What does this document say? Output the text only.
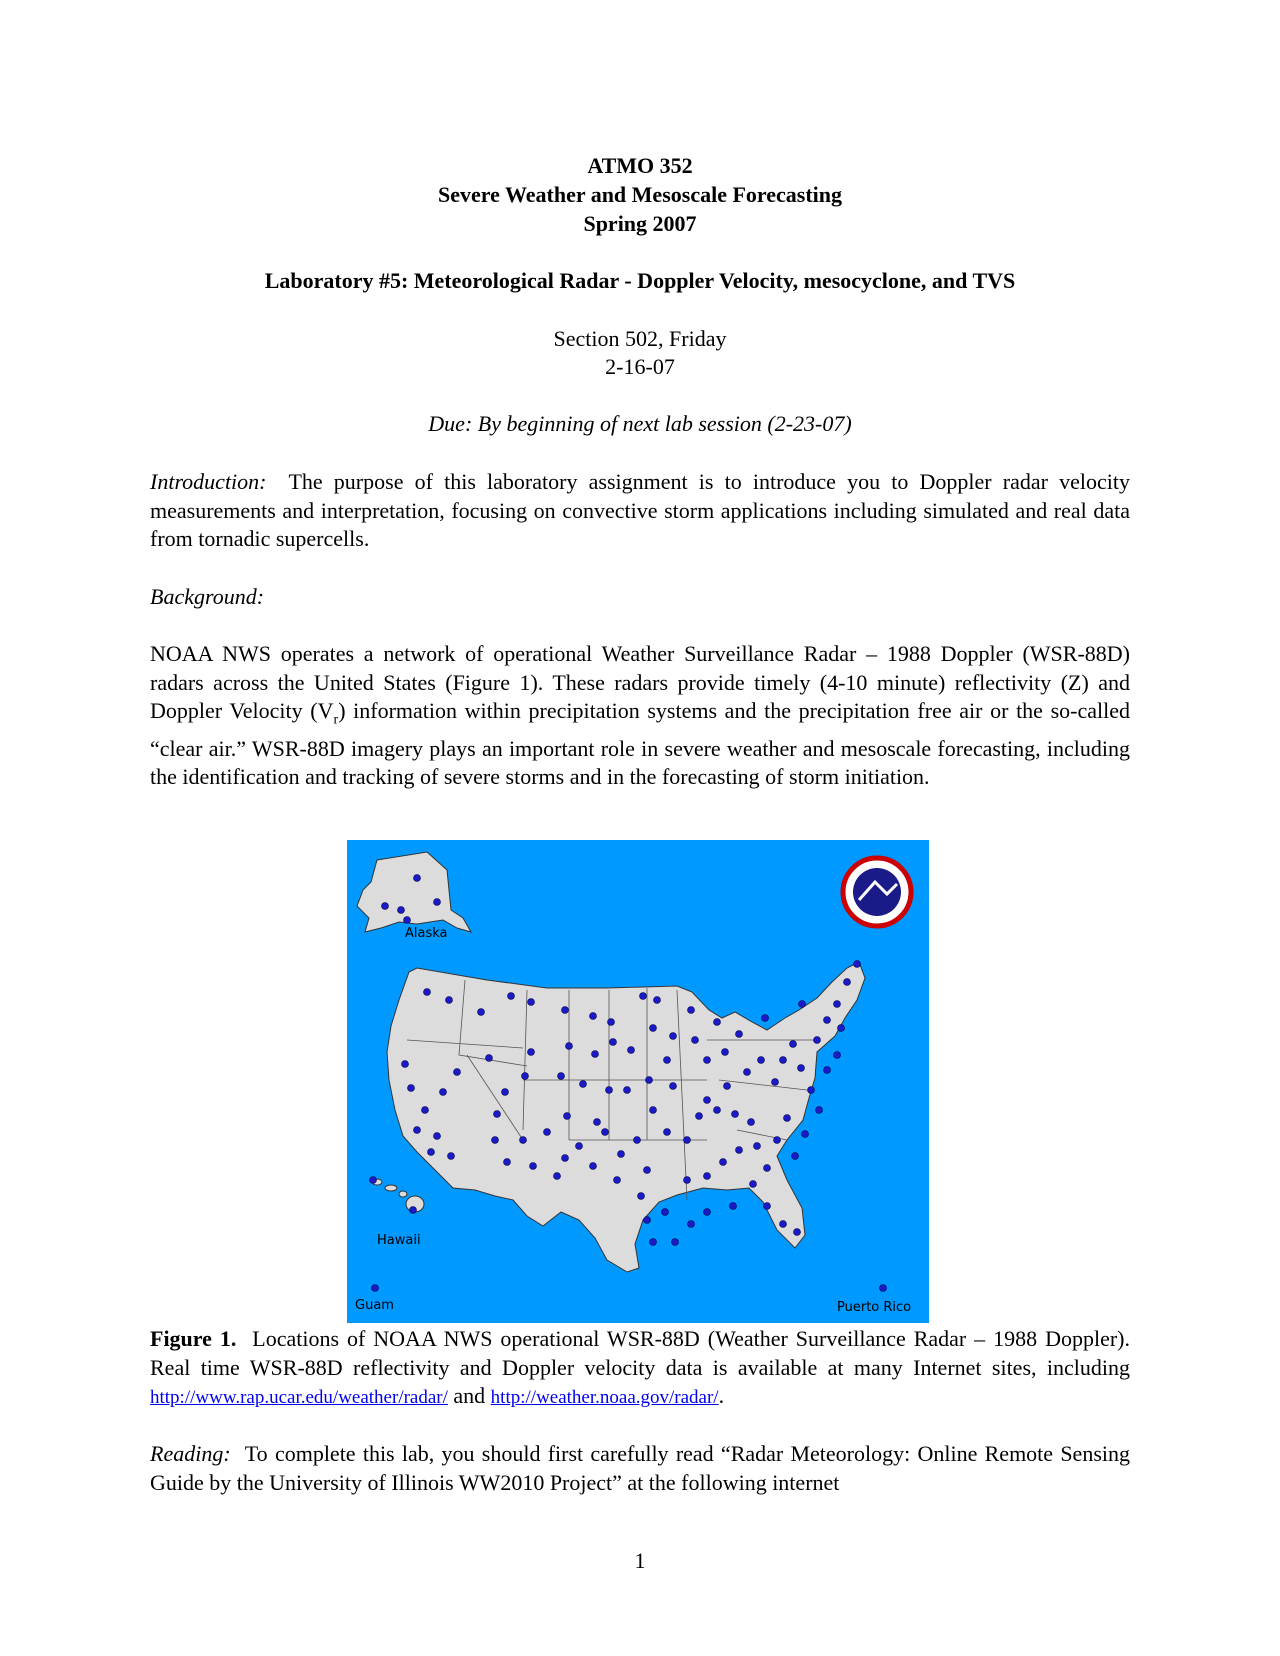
ATMO 352
Severe Weather and Mesoscale Forecasting
Spring 2007
Laboratory #5: Meteorological Radar - Doppler Velocity, mesocyclone, and TVS
Section 502, Friday
2-16-07
Due: By beginning of next lab session (2-23-07)

Introduction: The purpose of this laboratory assignment is to introduce you to Doppler radar velocity measurements and interpretation, focusing on convective storm applications including simulated and real data from tornadic supercells.

Background:

NOAA NWS operates a network of operational Weather Surveillance Radar – 1988 Doppler (WSR-88D) radars across the United States (Figure 1). These radars provide timely (4-10 minute) reflectivity (Z) and Doppler Velocity $(V_r)$ information within precipitation systems and the precipitation free air or the so-called “clear air.” WSR-88D imagery plays an important role in severe weather and mesoscale forecasting, including the identification and tracking of severe storms and in the forecasting of storm initiation.

Alaska
Hawaii
Guam	Puerto Rico

Figure 1. Locations of NOAA NWS operational WSR-88D (Weather Surveillance Radar – 1988 Doppler). Real time WSR-88D reflectivity and Doppler velocity data is available at many Internet sites, including http://www.rap.ucar.edu/weather/radar/ and http://weather.noaa.gov/radar/.

Reading: To complete this lab, you should first carefully read “Radar Meteorology: Online Remote Sensing Guide by the University of Illinois WW2010 Project” at the following internet

1
